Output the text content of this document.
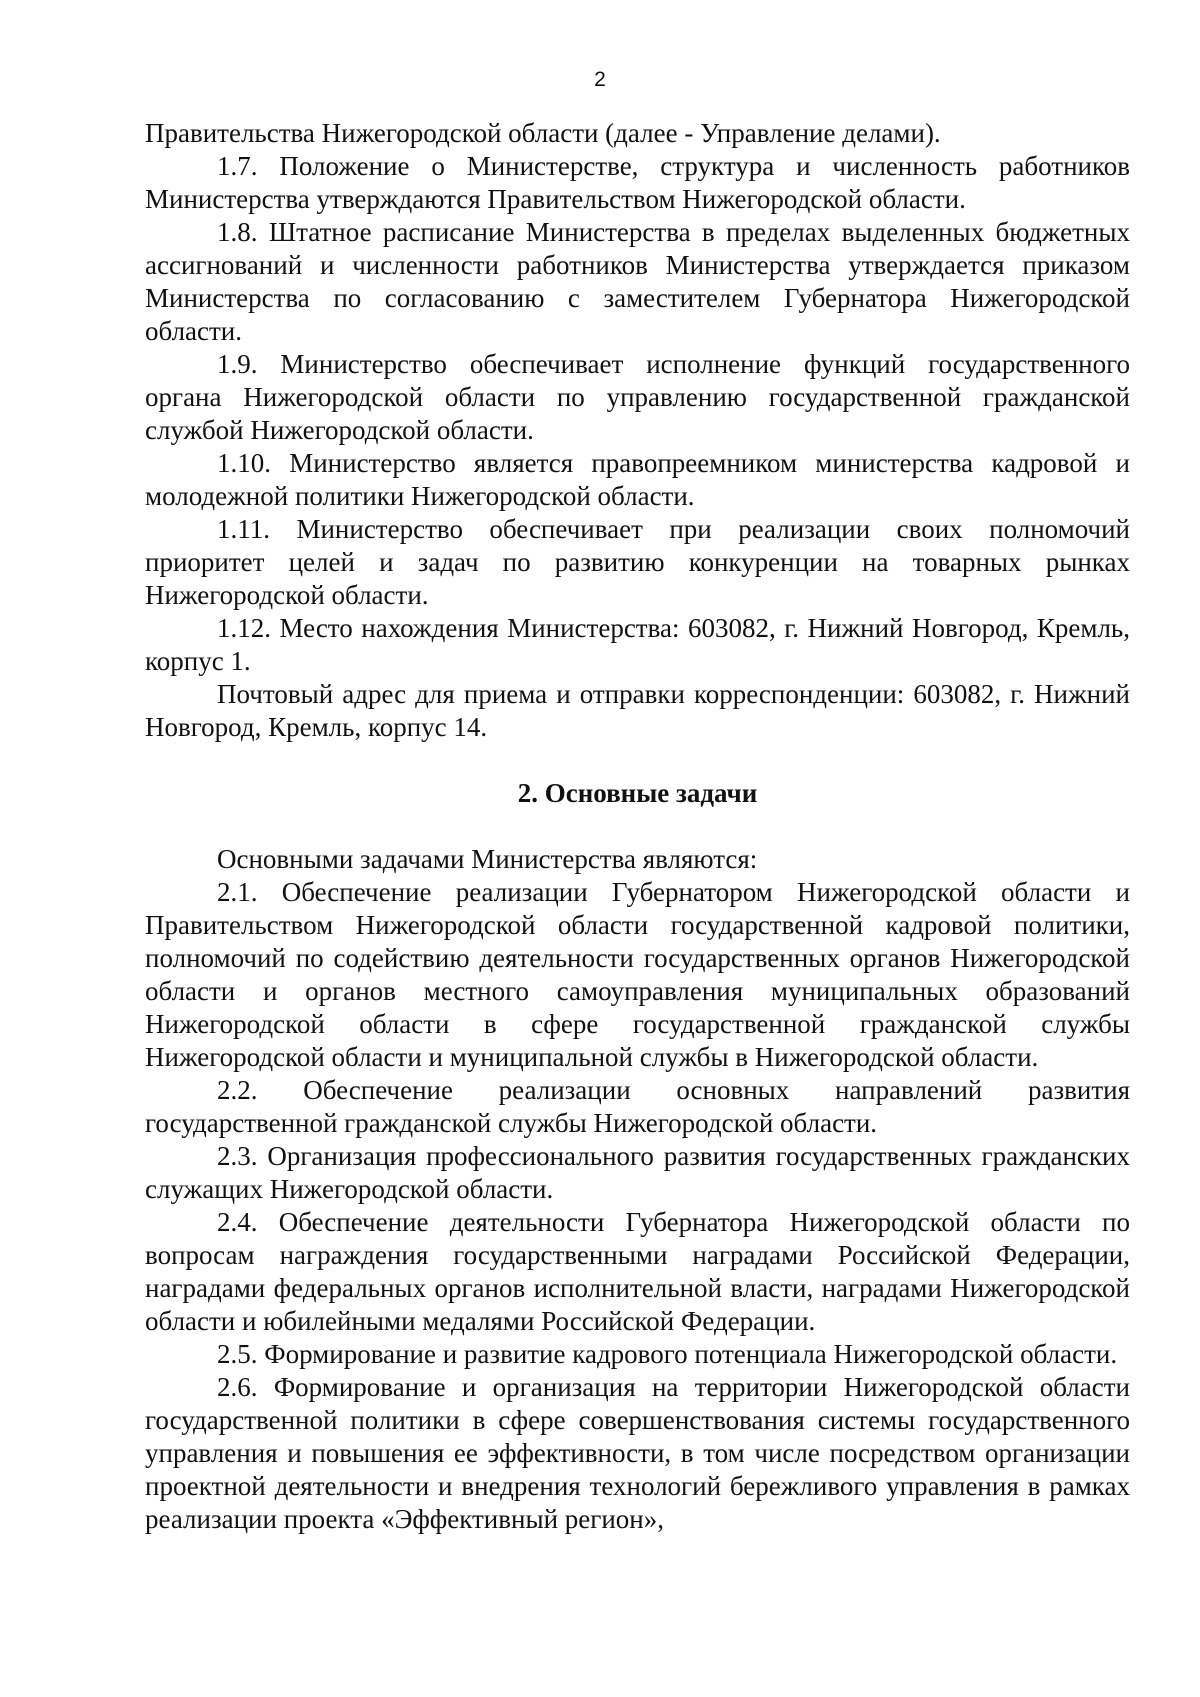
2

Правительства Нижегородской области (далее - Управление делами).

1.7. Положение о Министерстве, структура и численность работников Министерства утверждаются Правительством Нижегородской области.

1.8. Штатное расписание Министерства в пределах выделенных бюджетных ассигнований и численности работников Министерства утверждается приказом Министерства по согласованию с заместителем Губернатора Нижегородской области.

1.9. Министерство обеспечивает исполнение функций государственного органа Нижегородской области по управлению государственной гражданской службой Нижегородской области.

1.10. Министерство является правопреемником министерства кадровой и молодежной политики Нижегородской области.

1.11. Министерство обеспечивает при реализации своих полномочий приоритет целей и задач по развитию конкуренции на товарных рынках Нижегородской области.

1.12. Место нахождения Министерства: 603082, г. Нижний Новгород, Кремль, корпус 1.

Почтовый адрес для приема и отправки корреспонденции: 603082, г. Нижний Новгород, Кремль, корпус 14.

2. Основные задачи

Основными задачами Министерства являются:

2.1. Обеспечение реализации Губернатором Нижегородской области и Правительством Нижегородской области государственной кадровой политики, полномочий по содействию деятельности государственных органов Нижегородской области и органов местного самоуправления муниципальных образований Нижегородской области в сфере государственной гражданской службы Нижегородской области и муниципальной службы в Нижегородской области.

2.2. Обеспечение реализации основных направлений развития государственной гражданской службы Нижегородской области.

2.3. Организация профессионального развития государственных гражданских служащих Нижегородской области.

2.4. Обеспечение деятельности Губернатора Нижегородской области по вопросам награждения государственными наградами Российской Федерации, наградами федеральных органов исполнительной власти, наградами Нижегородской области и юбилейными медалями Российской Федерации.

2.5. Формирование и развитие кадрового потенциала Нижегородской области.

2.6. Формирование и организация на территории Нижегородской области государственной политики в сфере совершенствования системы государственного управления и повышения ее эффективности, в том числе посредством организации проектной деятельности и внедрения технологий бережливого управления в рамках реализации проекта «Эффективный регион»,
